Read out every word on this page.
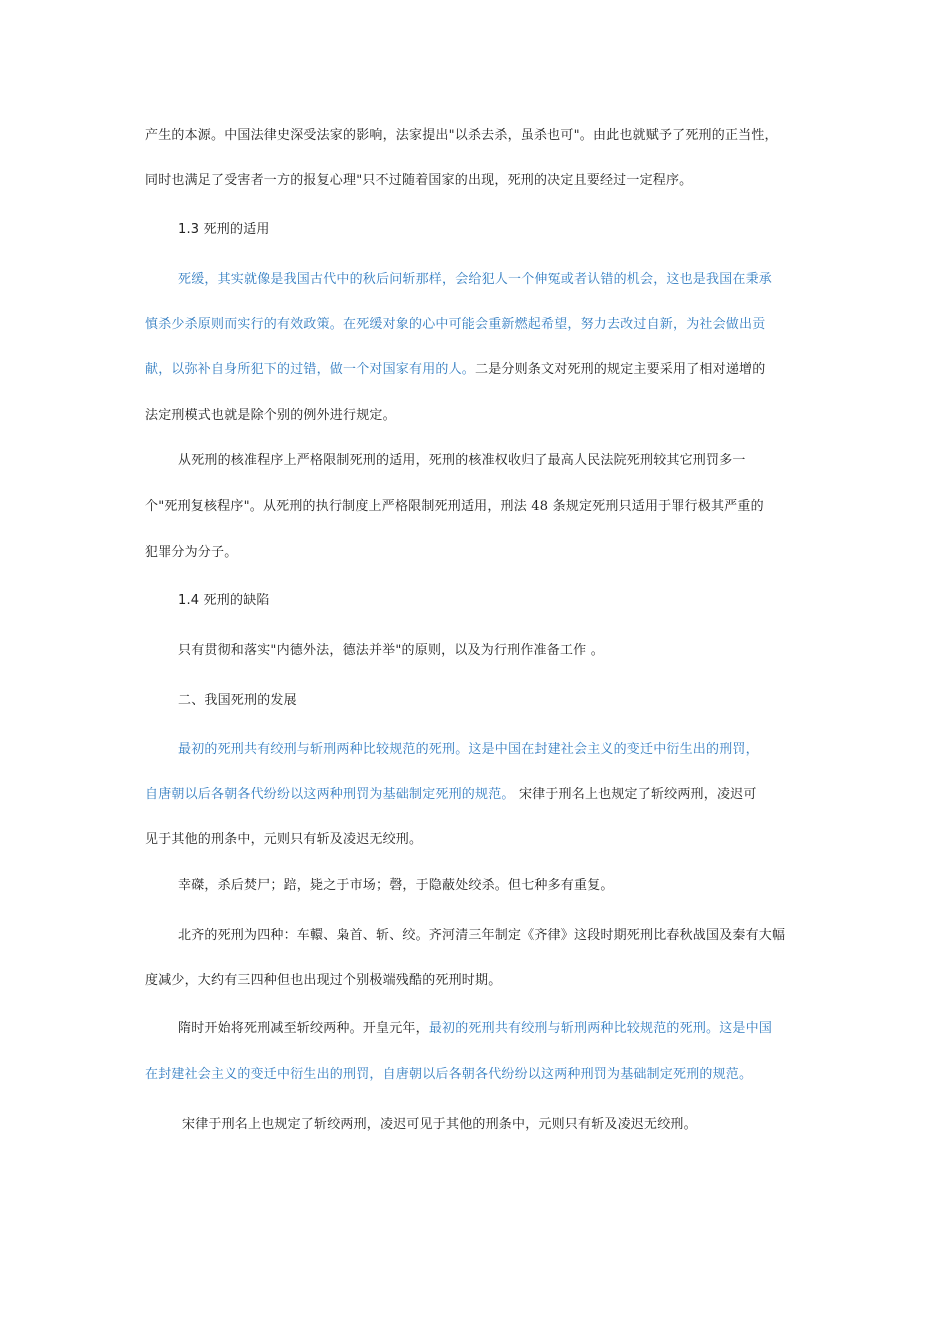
产生的本源。中国法律史深受法家的影响，法家提出"以杀去杀，虽杀也可"。由此也就赋予了死刑的正当性，
同时也满足了受害者一方的报复心理"只不过随着国家的出现，死刑的决定且要经过一定程序。
1.3 死刑的适用
死缓，其实就像是我国古代中的秋后问斩那样，会给犯人一个伸冤或者认错的机会，这也是我国在秉承
慎杀少杀原则而实行的有效政策。在死缓对象的心中可能会重新燃起希望，努力去改过自新，为社会做出贡
献，以弥补自身所犯下的过错，做一个对国家有用的人。二是分则条文对死刑的规定主要采用了相对递增的
法定刑模式也就是除个别的例外进行规定。
从死刑的核准程序上严格限制死刑的适用，死刑的核准权收归了最高人民法院死刑较其它刑罚多一
个"死刑复核程序"。从死刑的执行制度上严格限制死刑适用，刑法 48 条规定死刑只适用于罪行极其严重的
犯罪分为分子。
1.4 死刑的缺陷
只有贯彻和落实"内德外法，德法并举"的原则，以及为行刑作准备工作 。
二、我国死刑的发展
最初的死刑共有绞刑与斩刑两种比较规范的死刑。这是中国在封建社会主义的变迁中衍生出的刑罚，
自唐朝以后各朝各代纷纷以这两种刑罚为基础制定死刑的规范。 宋律于刑名上也规定了斩绞两刑，凌迟可
见于其他的刑条中，元则只有斩及凌迟无绞刑。
幸磔，杀后焚尸；踣，毙之于市场；磬，于隐蔽处绞杀。但七种多有重复。
北齐的死刑为四种：车轘、枭首、斩、绞。齐河清三年制定《齐律》这段时期死刑比春秋战国及秦有大幅
度减少，大约有三四种但也出现过个别极端残酷的死刑时期。
隋时开始将死刑减至斩绞两种。开皇元年，最初的死刑共有绞刑与斩刑两种比较规范的死刑。这是中国
在封建社会主义的变迁中衍生出的刑罚，自唐朝以后各朝各代纷纷以这两种刑罚为基础制定死刑的规范。
宋律于刑名上也规定了斩绞两刑，凌迟可见于其他的刑条中，元则只有斩及凌迟无绞刑。
